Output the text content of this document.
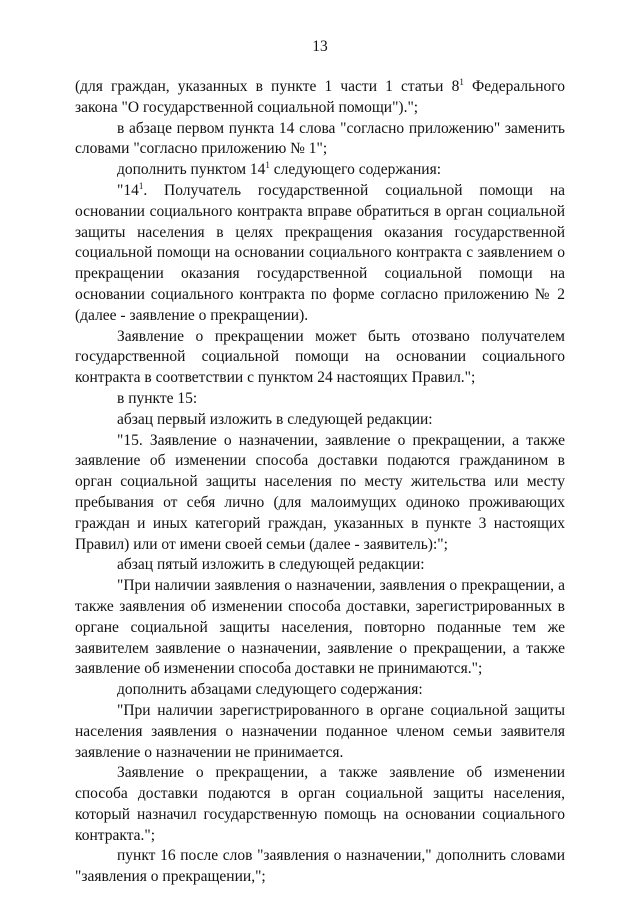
13

(для граждан, указанных в пункте 1 части 1 статьи $8^1$ Федерального закона "О государственной социальной помощи").";

в абзаце первом пункта 14 слова "согласно приложению" заменить словами "согласно приложению № 1";

дополнить пунктом $14^1$ следующего содержания:

"$14^1$. Получатель государственной социальной помощи на основании социального контракта вправе обратиться в орган социальной защиты населения в целях прекращения оказания государственной социальной помощи на основании социального контракта с заявлением о прекращении оказания государственной социальной помощи на основании социального контракта по форме согласно приложению № 2 (далее - заявление о прекращении).

Заявление о прекращении может быть отозвано получателем государственной социальной помощи на основании социального контракта в соответствии с пунктом 24 настоящих Правил.";

в пункте 15:

абзац первый изложить в следующей редакции:

"15. Заявление о назначении, заявление о прекращении, а также заявление об изменении способа доставки подаются гражданином в орган социальной защиты населения по месту жительства или месту пребывания от себя лично (для малоимущих одиноко проживающих граждан и иных категорий граждан, указанных в пункте 3 настоящих Правил) или от имени своей семьи (далее - заявитель):";

абзац пятый изложить в следующей редакции:

"При наличии заявления о назначении, заявления о прекращении, а также заявления об изменении способа доставки, зарегистрированных в органе социальной защиты населения, повторно поданные тем же заявителем заявление о назначении, заявление о прекращении, а также заявление об изменении способа доставки не принимаются.";

дополнить абзацами следующего содержания:

"При наличии зарегистрированного в органе социальной защиты населения заявления о назначении поданное членом семьи заявителя заявление о назначении не принимается.

Заявление о прекращении, а также заявление об изменении способа доставки подаются в орган социальной защиты населения, который назначил государственную помощь на основании социального контракта.";

пункт 16 после слов "заявления о назначении," дополнить словами "заявления о прекращении,";
